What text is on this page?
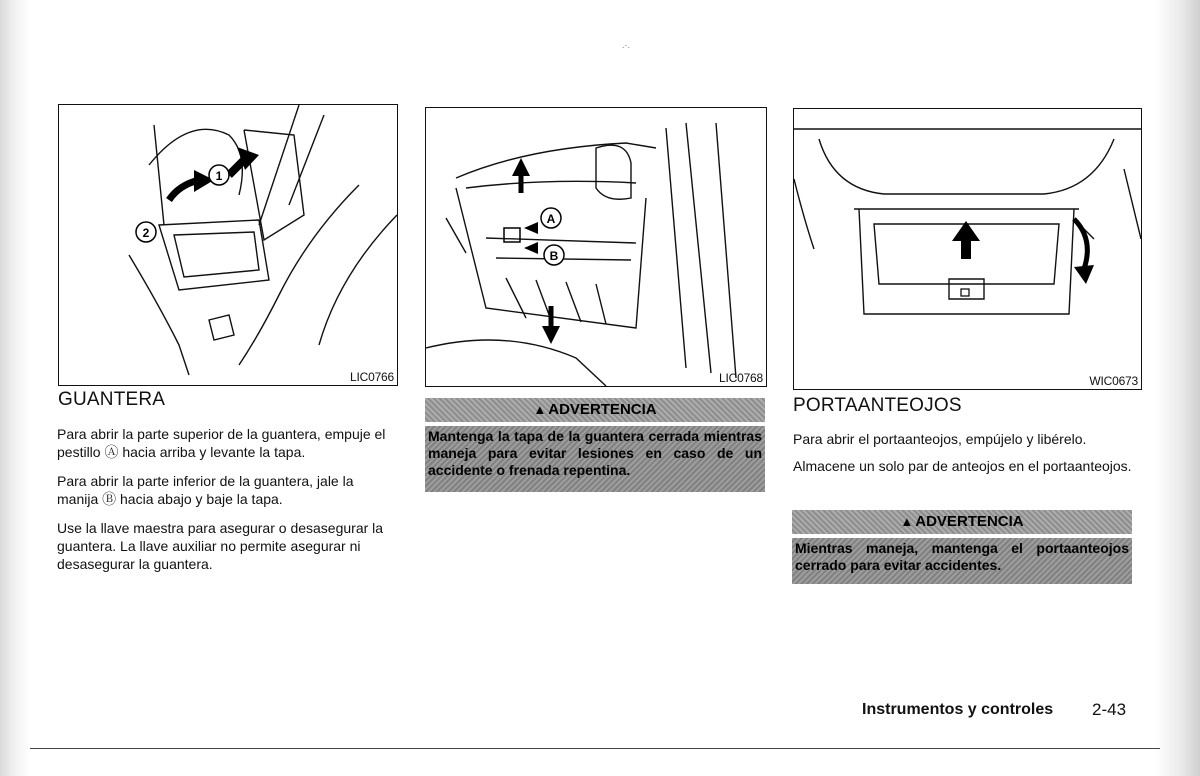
.·.
1
2
LIC0766
A
B
LIC0768	WIC0673
GUANTERA

Para abrir la parte superior de la guantera, empuje el pestillo Ⓐ hacia arriba y levante la tapa.

Para abrir la parte inferior de la guantera, jale la manija Ⓑ hacia abajo y baje la tapa.

Use la llave maestra para asegurar o desasegurar la guantera. La llave auxiliar no permite asegurar ni desasegurar la guantera.

▲ ADVERTENCIA
Mantenga la tapa de la guantera cerrada mientras maneja para evitar lesiones en caso de un accidente o frenada repentina.
PORTAANTEOJOS

Para abrir el portaanteojos, empújelo y libérelo.

Almacene un solo par de anteojos en el portaanteojos.

▲ ADVERTENCIA
Mientras maneja, mantenga el portaanteojos cerrado para evitar accidentes.
Instrumentos y controles 2-43
